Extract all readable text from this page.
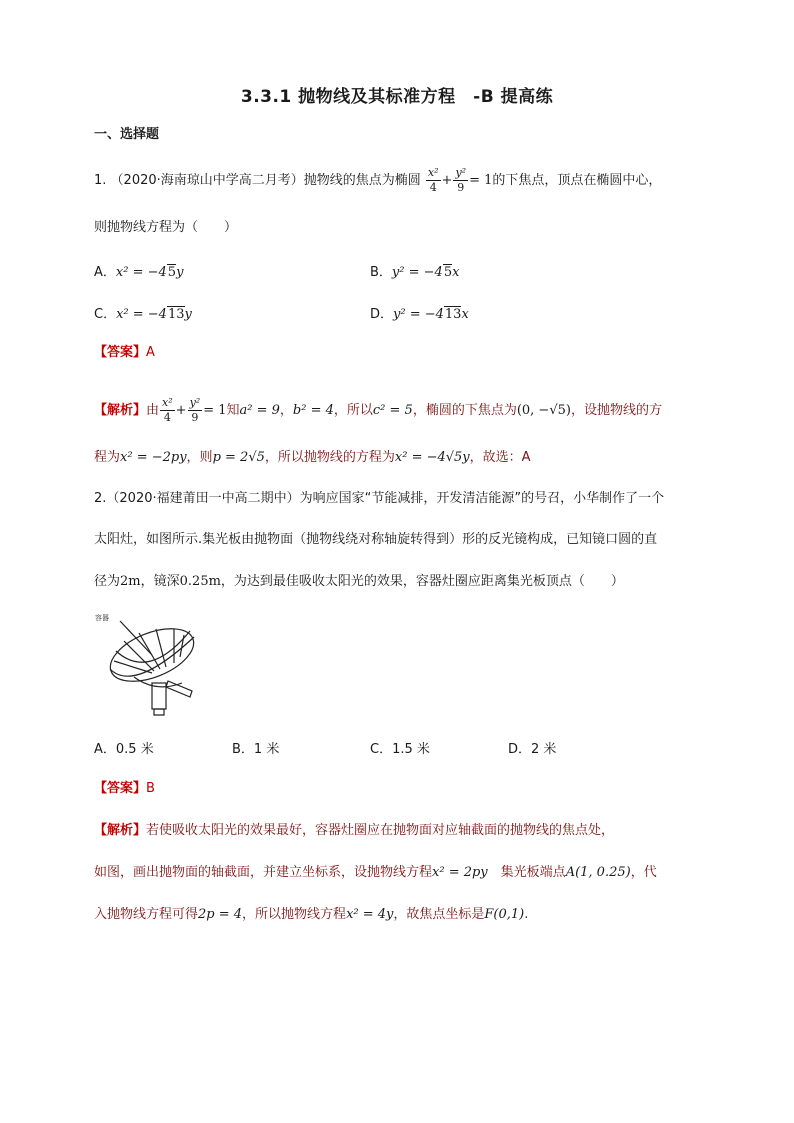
3.3.1 抛物线及其标准方程　-B 提高练
一、选择题
1. （2020·海南琼山中学高二月考）抛物线的焦点为椭圆 $\frac{\text{x²}}{4} + \frac{\text{y²}}{9} = 1$的下焦点，顶点在椭圆中心，
则抛物线方程为（　　）
A．x² = −45y	B．y² = −45x
C．x² = −413y	D．y² = −413x
【答案】A
【解析】由 $\frac{\text{x²}}{4} + \frac{\text{y²}}{9} = 1$知a² = 9，b² = 4，所以c² = 5，椭圆的下焦点为(0, −√5)，设抛物线的方
程为x² = −2py，则p = 2√5，所以抛物线的方程为x² = −4√5y，故选：A
2.（2020·福建莆田一中高二期中）为响应国家“节能减排，开发清洁能源”的号召，小华制作了一个
太阳灶，如图所示.集光板由抛物面（抛物线绕对称轴旋转得到）形的反光镜构成，已知镜口圆的直
径为2m，镜深0.25m，为达到最佳吸收太阳光的效果，容器灶圈应距离集光板顶点（　　）
容器
A．0.5 米	B．1 米	C．1.5 米	D．2 米
【答案】B
【解析】若使吸收太阳光的效果最好，容器灶圈应在抛物面对应轴截面的抛物线的焦点处，
如图，画出抛物面的轴截面，并建立坐标系，设抛物线方程x² = 2py　 集光板端点A(1, 0.25)，代
入抛物线方程可得2p = 4，所以抛物线方程x² = 4y，故焦点坐标是F(0,1).
